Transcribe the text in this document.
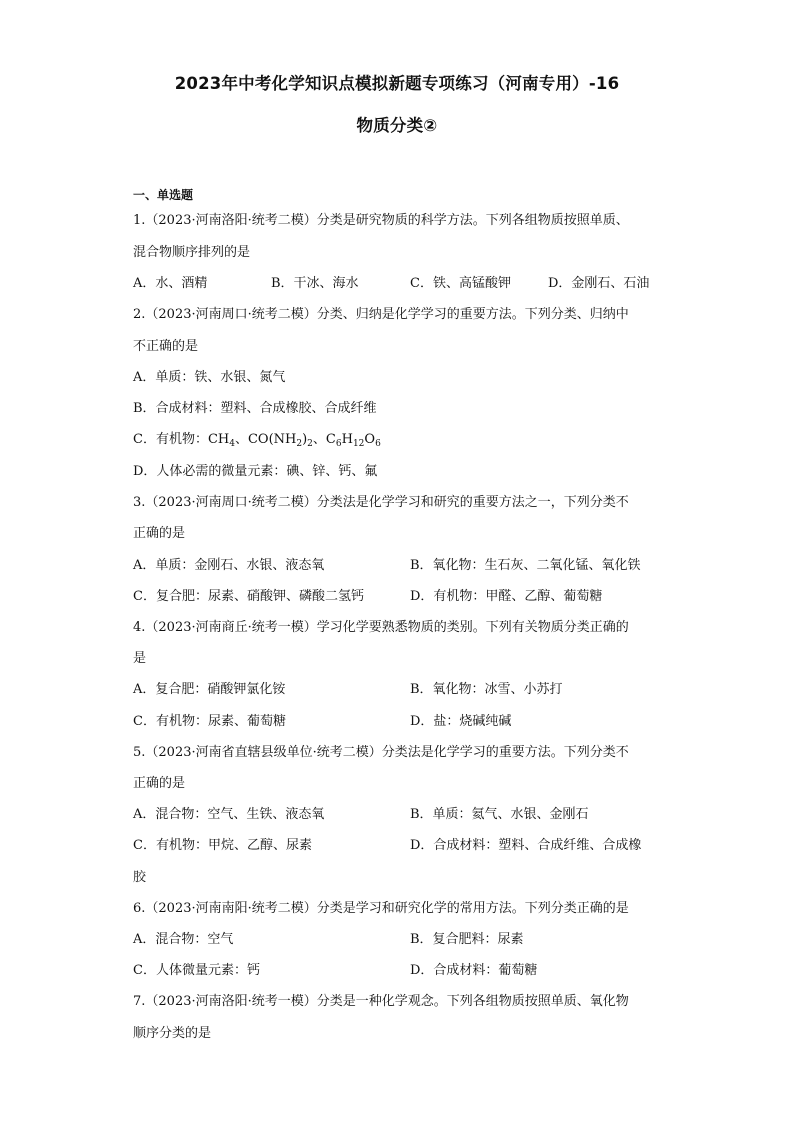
2023年中考化学知识点模拟新题专项练习（河南专用）-16
物质分类②
一、单选题
1.（2023·河南洛阳·统考二模）分类是研究物质的科学方法。下列各组物质按照单质、
混合物顺序排列的是
A．水、酒精	B．干冰、海水	C．铁、高锰酸钾	D．金刚石、石油
2.（2023·河南周口·统考二模）分类、归纳是化学学习的重要方法。下列分类、归纳中
不正确的是
A．单质：铁、水银、氮气
B．合成材料：塑料、合成橡胶、合成纤维
C．有机物：$CH_4$、$CO(NH_2)_2$、$C_6H_{12}O_6$
D．人体必需的微量元素：碘、锌、钙、氟
3.（2023·河南周口·统考二模）分类法是化学学习和研究的重要方法之一，下列分类不
正确的是
A．单质：金刚石、水银、液态氧	B．氧化物：生石灰、二氧化锰、氧化铁
C．复合肥：尿素、硝酸钾、磷酸二氢钙	D．有机物：甲醛、乙醇、葡萄糖
4.（2023·河南商丘·统考一模）学习化学要熟悉物质的类别。下列有关物质分类正确的
是
A．复合肥：硝酸钾氯化铵	B．氧化物：冰雪、小苏打
C．有机物：尿素、葡萄糖	D．盐：烧碱纯碱
5.（2023·河南省直辖县级单位·统考二模）分类法是化学学习的重要方法。下列分类不
正确的是
A．混合物：空气、生铁、液态氧	B．单质：氦气、水银、金刚石
C．有机物：甲烷、乙醇、尿素	D．合成材料：塑料、合成纤维、合成橡
胶
6.（2023·河南南阳·统考二模）分类是学习和研究化学的常用方法。下列分类正确的是
A．混合物：空气	B．复合肥料：尿素
C．人体微量元素：钙	D．合成材料：葡萄糖
7.（2023·河南洛阳·统考一模）分类是一种化学观念。下列各组物质按照单质、氧化物
顺序分类的是
